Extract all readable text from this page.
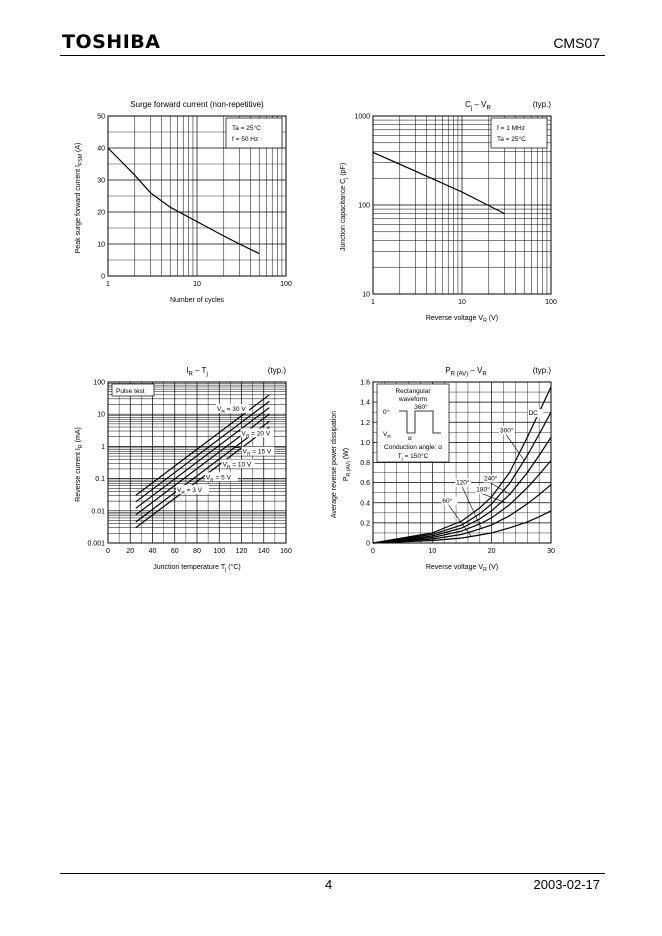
TOSHIBA	CMS07
1	10	100
0
10
20
30
40
50
Ta = 25°C
f = 50 Hz
Surge forward current (non-repetitive)
Number of cycles
Peak surge forward current $I_{FSM}$ (A)
1	10	100
10
100
1000
f = 1 MHz
Ta = 25°C
$C_j - V_R$	(typ.)
Reverse voltage $V_R$ (V)
Junction capacitance $C_j$ (pF)
0 20 40 60 80 100 120 140 160
0.001
0.01
0.1
1
10
100
Pulse test
$V_R = 30$ V
$V_R = 20$ V
$V_R = 15$ V
$V_R = 10$ V
$V_R = 5$ V
$V_R = 3$ V
$I_R - T_j$	(typ.)
Junction temperature $T_j$ (°C)
Reverse current $I_R$ (mA)
0	10	20	30
0
0.2
0.4
0.6
0.8
1.0
1.2
1.4
1.6
Rectangular
waveform
360°
0°
$V_R$	α
Conduction angle: α
$T_j = 150^\circ C$
DC
300°
240°
180°
120°
60°
$P_{R (AV)} - V_R$	(typ.)
Reverse voltage $V_R$ (V)
Average reverse power dissipation $P_{R (AV)}$ (W)
4	2003-02-17
